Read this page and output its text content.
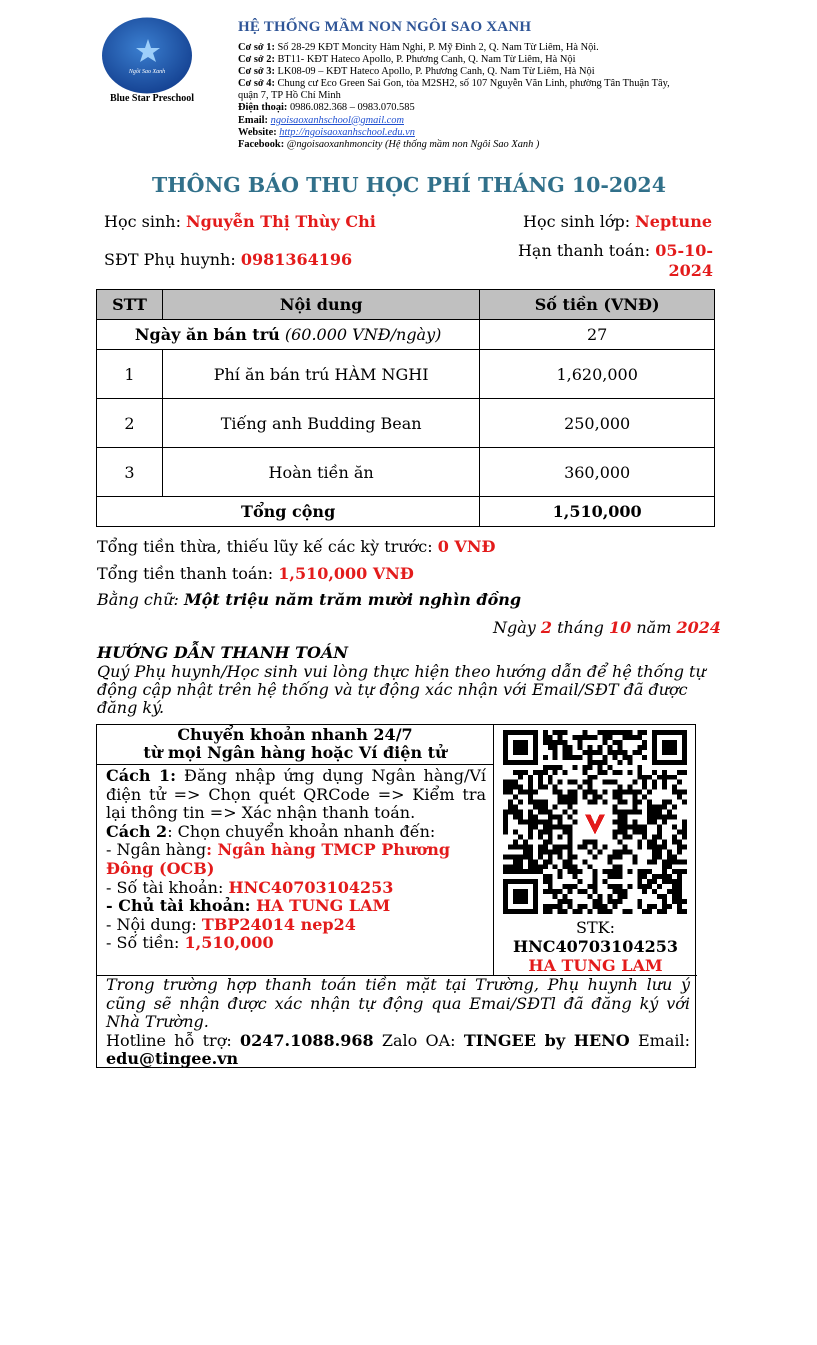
Ngôi Sao Xanh
Blue Star Preschool
HỆ THỐNG MẦM NON NGÔI SAO XANH
Cơ sở 1: Số 28-29 KĐT Moncity Hàm Nghi, P. Mỹ Đình 2, Q. Nam Từ Liêm, Hà Nội.
Cơ sở 2: BT11- KĐT Hateco Apollo, P. Phương Canh, Q. Nam Từ Liêm, Hà Nội
Cơ sở 3: LK08-09 – KĐT Hateco Apollo, P. Phương Canh, Q. Nam Từ Liêm, Hà Nội
Cơ sở 4: Chung cư Eco Green Sai Gon, tòa M2SH2, số 107 Nguyễn Văn Linh, phường Tân Thuận Tây, quận 7, TP Hồ Chí Minh
Điện thoại: 0986.082.368 – 0983.070.585
Email: ngoisaoxanhschool@gmail.com
Website: http://ngoisaoxanhschool.edu.vn
Facebook: @ngoisaoxanhmoncity (Hệ thống mầm non Ngôi Sao Xanh )
THÔNG BÁO THU HỌC PHÍ THÁNG 10-2024
Học sinh: Nguyễn Thị Thùy Chi	Học sinh lớp: Neptune
SĐT Phụ huynh: 0981364196	Hạn thanh toán: 05-10-2024
STT	Nội dung	Số tiền (VNĐ)
Ngày ăn bán trú (60.000 VNĐ/ngày)		27
1	Phí ăn bán trú HÀM NGHI	1,620,000
2	Tiếng anh Budding Bean	250,000
3	Hoàn tiền ăn	360,000
Tổng cộng		1,510,000
Tổng tiền thừa, thiếu lũy kế các kỳ trước: 0 VNĐ
Tổng tiền thanh toán: 1,510,000 VNĐ
Bằng chữ: Một triệu năm trăm mười nghìn đồng
Ngày 2 tháng 10 năm 2024
HƯỚNG DẪN THANH TOÁN
Quý Phụ huynh/Học sinh vui lòng thực hiện theo hướng dẫn để hệ thống tự động cập nhật trên hệ thống và tự động xác nhận với Email/SĐT đã được đăng ký.
Chuyển khoản nhanh 24/7
từ mọi Ngân hàng hoặc Ví điện tử
Cách 1: Đăng nhập ứng dụng Ngân hàng/Ví điện tử => Chọn quét QRCode => Kiểm tra lại thông tin => Xác nhận thanh toán.
Cách 2: Chọn chuyển khoản nhanh đến:
- Ngân hàng: Ngân hàng TMCP Phương Đông (OCB)
- Số tài khoản: HNC40703104253
- Chủ tài khoản: HA TUNG LAM
- Nội dung: TBP24014 nep24
- Số tiền: 1,510,000
STK:
HNC40703104253
HA TUNG LAM
Trong trường hợp thanh toán tiền mặt tại Trường, Phụ huynh lưu ý cũng sẽ nhận được xác nhận tự động qua Emai/SĐTl đã đăng ký với Nhà Trường.
Hotline hỗ trợ: 0247.1088.968 Zalo OA: TINGEE by HENO Email: edu@tingee.vn
